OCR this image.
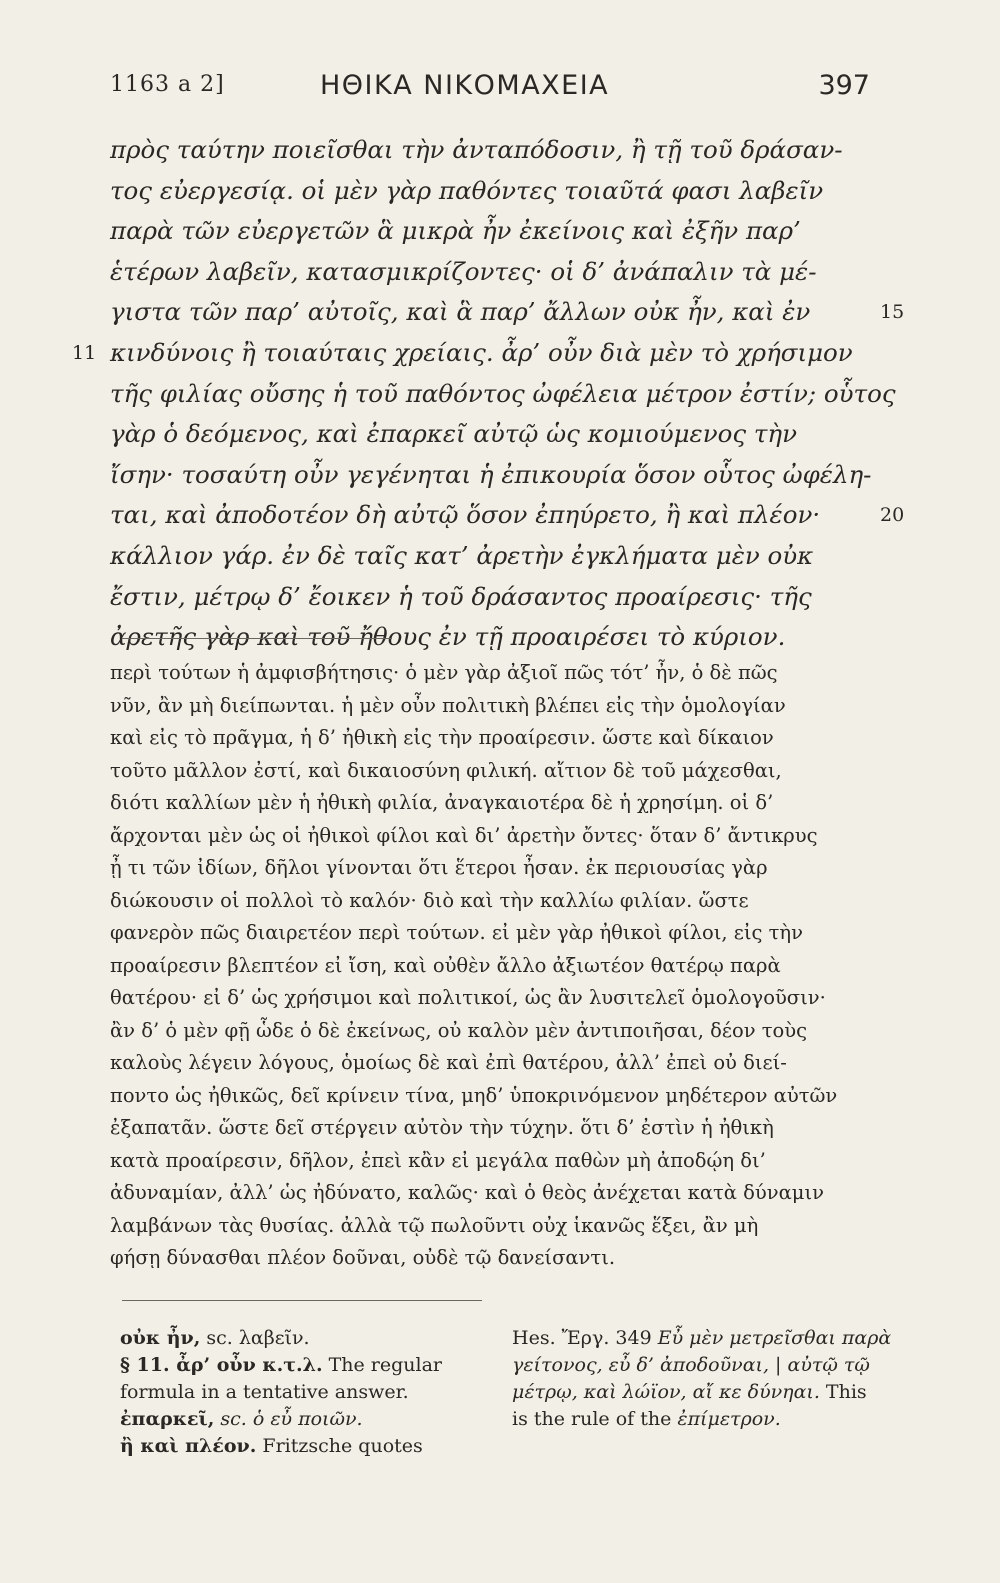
1163 a 2]	ΗΘΙΚΑ ΝΙΚΟΜΑΧΕΙΑ	397
πρὸς ταύτην ποιεῖσθαι τὴν ἀνταπόδοσιν, ἢ τῇ τοῦ δράσαν-
τος εὐεργεσίᾳ. οἱ μὲν γὰρ παθόντες τοιαῦτά φασι λαβεῖν
παρὰ τῶν εὐεργετῶν ἃ μικρὰ ἦν ἐκείνοις καὶ ἐξῆν παρ’
ἑτέρων λαβεῖν, κατασμικρίζοντες· οἱ δ’ ἀνάπαλιν τὰ μέ-
γιστα τῶν παρ’ αὐτοῖς, καὶ ἃ παρ’ ἄλλων οὐκ ἦν, καὶ ἐν	15
11 κινδύνοις ἢ τοιαύταις χρείαις. ἆρ’ οὖν διὰ μὲν τὸ χρήσιμον
τῆς φιλίας οὔσης ἡ τοῦ παθόντος ὠφέλεια μέτρον ἐστίν; οὗτος
γὰρ ὁ δεόμενος, καὶ ἐπαρκεῖ αὐτῷ ὡς κομιούμενος τὴν
ἴσην· τοσαύτη οὖν γεγένηται ἡ ἐπικουρία ὅσον οὗτος ὠφέλη-
ται, καὶ ἀποδοτέον δὴ αὐτῷ ὅσον ἐπηύρετο, ἢ καὶ πλέον·	20
κάλλιον γάρ. ἐν δὲ ταῖς κατ’ ἀρετὴν ἐγκλήματα μὲν οὐκ
ἔστιν, μέτρῳ δ’ ἔοικεν ἡ τοῦ δράσαντος προαίρεσις· τῆς
ἀρετῆς γὰρ καὶ τοῦ ἤθους ἐν τῇ προαιρέσει τὸ κύριον.
περὶ τούτων ἡ ἀμφισβήτησις· ὁ μὲν γὰρ ἀξιοῖ πῶς τότ’ ἦν, ὁ δὲ πῶς
νῦν, ἂν μὴ διείπωνται. ἡ μὲν οὖν πολιτικὴ βλέπει εἰς τὴν ὁμολογίαν
καὶ εἰς τὸ πρᾶγμα, ἡ δ’ ἠθικὴ εἰς τὴν προαίρεσιν. ὥστε καὶ δίκαιον
τοῦτο μᾶλλον ἐστί, καὶ δικαιοσύνη φιλική. αἴτιον δὲ τοῦ μάχεσθαι,
διότι καλλίων μὲν ἡ ἠθικὴ φιλία, ἀναγκαιοτέρα δὲ ἡ χρησίμη. οἱ δ’
ἄρχονται μὲν ὡς οἱ ἠθικοὶ φίλοι καὶ δι’ ἀρετὴν ὄντες· ὅταν δ’ ἄντικρυς
ᾖ τι τῶν ἰδίων, δῆλοι γίνονται ὅτι ἕτεροι ἦσαν. ἐκ περιουσίας γὰρ
διώκουσιν οἱ πολλοὶ τὸ καλόν· διὸ καὶ τὴν καλλίω φιλίαν. ὥστε
φανερὸν πῶς διαιρετέον περὶ τούτων. εἰ μὲν γὰρ ἠθικοὶ φίλοι, εἰς τὴν
προαίρεσιν βλεπτέον εἰ ἴση, καὶ οὐθὲν ἄλλο ἀξιωτέον θατέρῳ παρὰ
θατέρου· εἰ δ’ ὡς χρήσιμοι καὶ πολιτικοί, ὡς ἂν λυσιτελεῖ ὁμολογοῦσιν·
ἂν δ’ ὁ μὲν φῇ ὧδε ὁ δὲ ἐκείνως, οὐ καλὸν μὲν ἀντιποιῆσαι, δέον τοὺς
καλοὺς λέγειν λόγους, ὁμοίως δὲ καὶ ἐπὶ θατέρου, ἀλλ’ ἐπεὶ οὐ διεί-
ποντο ὡς ἠθικῶς, δεῖ κρίνειν τίνα, μηδ’ ὑποκρινόμενον μηδέτερον αὐτῶν
ἐξαπατᾶν. ὥστε δεῖ στέργειν αὐτὸν τὴν τύχην. ὅτι δ’ ἐστὶν ἡ ἠθικὴ
κατὰ προαίρεσιν, δῆλον, ἐπεὶ κἂν εἰ μεγάλα παθὼν μὴ ἀποδῴη δι’
ἀδυναμίαν, ἀλλ’ ὡς ἠδύνατο, καλῶς· καὶ ὁ θεὸς ἀνέχεται κατὰ δύναμιν
λαμβάνων τὰς θυσίας. ἀλλὰ τῷ πωλοῦντι οὐχ ἱκανῶς ἕξει, ἂν μὴ
φήσῃ δύνασθαι πλέον δοῦναι, οὐδὲ τῷ δανείσαντι.
οὐκ ἦν, sc. λαβεῖν.
§ 11. ἆρ’ οὖν κ.τ.λ. The regular
formula in a tentative answer.
ἐπαρκεῖ, sc. ὁ εὖ ποιῶν.
ἢ καὶ πλέον. Fritzsche quotes
Hes. Ἔργ. 349 Εὖ μὲν μετρεῖσθαι παρὰ
γείτονος, εὖ δ’ ἀποδοῦναι, | αὐτῷ τῷ
μέτρῳ, καὶ λώϊον, αἴ κε δύνηαι. This
is the rule of the ἐπίμετρον.
